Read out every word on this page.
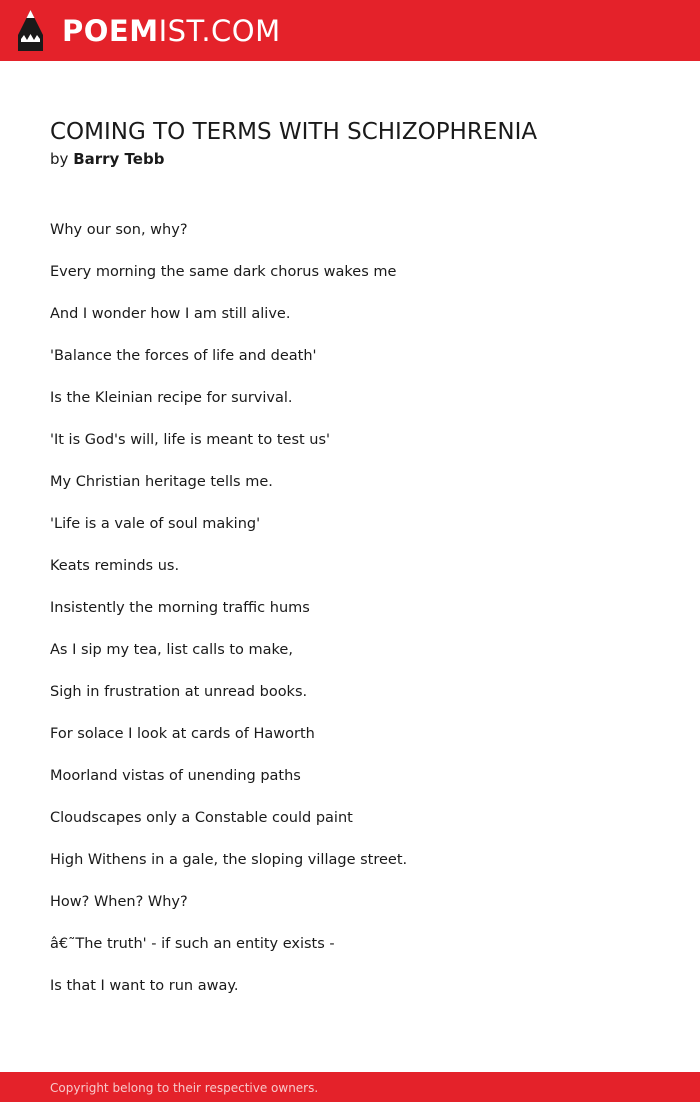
POEMIST.COM
COMING TO TERMS WITH SCHIZOPHRENIA
by Barry Tebb
Why our son, why?
Every morning the same dark chorus wakes me
And I wonder how I am still alive.
'Balance the forces of life and death'
Is the Kleinian recipe for survival.
'It is God's will, life is meant to test us'
My Christian heritage tells me.
'Life is a vale of soul making'
Keats reminds us.
Insistently the morning traffic hums
As I sip my tea, list calls to make,
Sigh in frustration at unread books.
For solace I look at cards of Haworth
Moorland vistas of unending paths
Cloudscapes only a Constable could paint
High Withens in a gale, the sloping village street.
How? When? Why?
â€˜The truth' - if such an entity exists -
Is that I want to run away.
Copyright belong to their respective owners.
